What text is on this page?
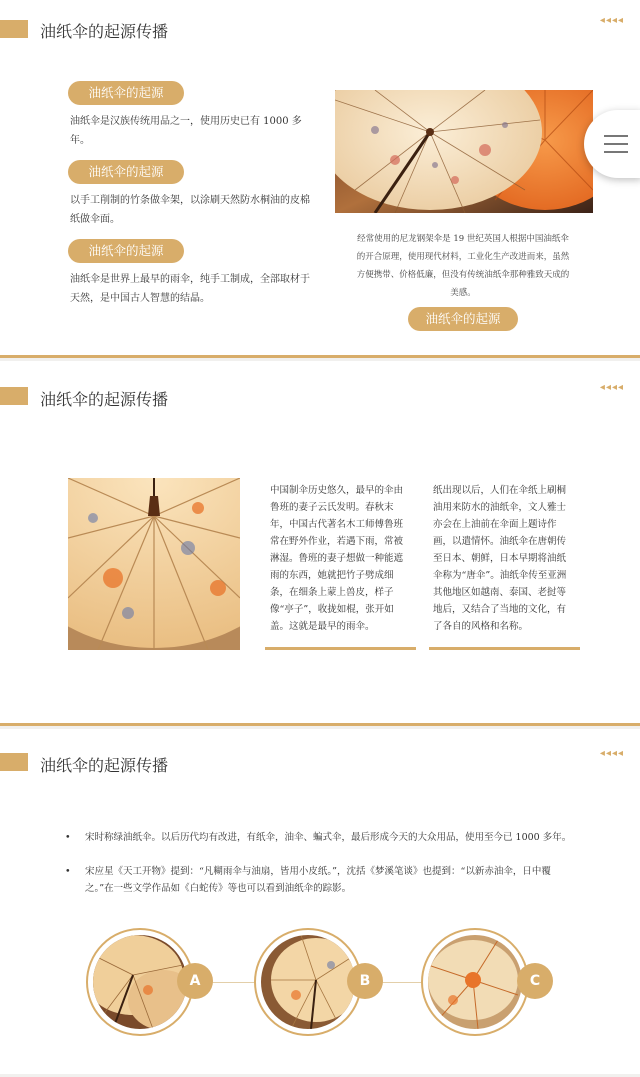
油纸伞的起源传播
◂◂◂◂
油纸伞的起源
油纸伞是汉族传统用品之一，使用历史已有 1000 多年。
油纸伞的起源
以手工削制的竹条做伞架，以涂刷天然防水桐油的皮棉纸做伞面。
油纸伞的起源
油纸伞是世界上最早的雨伞，纯手工制成，全部取材于天然，是中国古人智慧的结晶。
经常使用的尼龙钢架伞是 19 世纪英国人根据中国油纸伞的开合原理，使用现代材料，工业化生产改进而来，虽然方便携带、价格低廉，但没有传统油纸伞那种雅致天成的美感。
油纸伞的起源
油纸伞的起源传播
◂◂◂◂
中国制伞历史悠久，最早的伞由鲁班的妻子云氏发明。春秋末年，中国古代著名木工师傅鲁班常在野外作业，若遇下雨，常被淋湿。鲁班的妻子想做一种能遮雨的东西，她就把竹子劈成细条，在细条上蒙上兽皮，样子像“亭子”，收拢如棍，张开如盖。这就是最早的雨伞。
纸出现以后，人们在伞纸上刷桐油用来防水的油纸伞，文人雅士亦会在上油前在伞面上题诗作画，以遣情怀。油纸伞在唐朝传至日本、朝鲜，日本早期将油纸伞称为“唐伞”。油纸伞传至亚洲其他地区如越南、泰国、老挝等地后，又结合了当地的文化，有了各自的风格和名称。
油纸伞的起源传播
◂◂◂◂
• 宋时称绿油纸伞。以后历代均有改进，有纸伞，油伞、蝙式伞，最后形成今天的大众用品，使用至今已 1000 多年。
• 宋应星《天工开物》提到：“凡糊雨伞与油扇，皆用小皮纸。”，沈括《梦溪笔谈》也提到：“以新赤油伞，日中覆之。”在一些文学作品如《白蛇传》等也可以看到油纸伞的踪影。
A	B	C
